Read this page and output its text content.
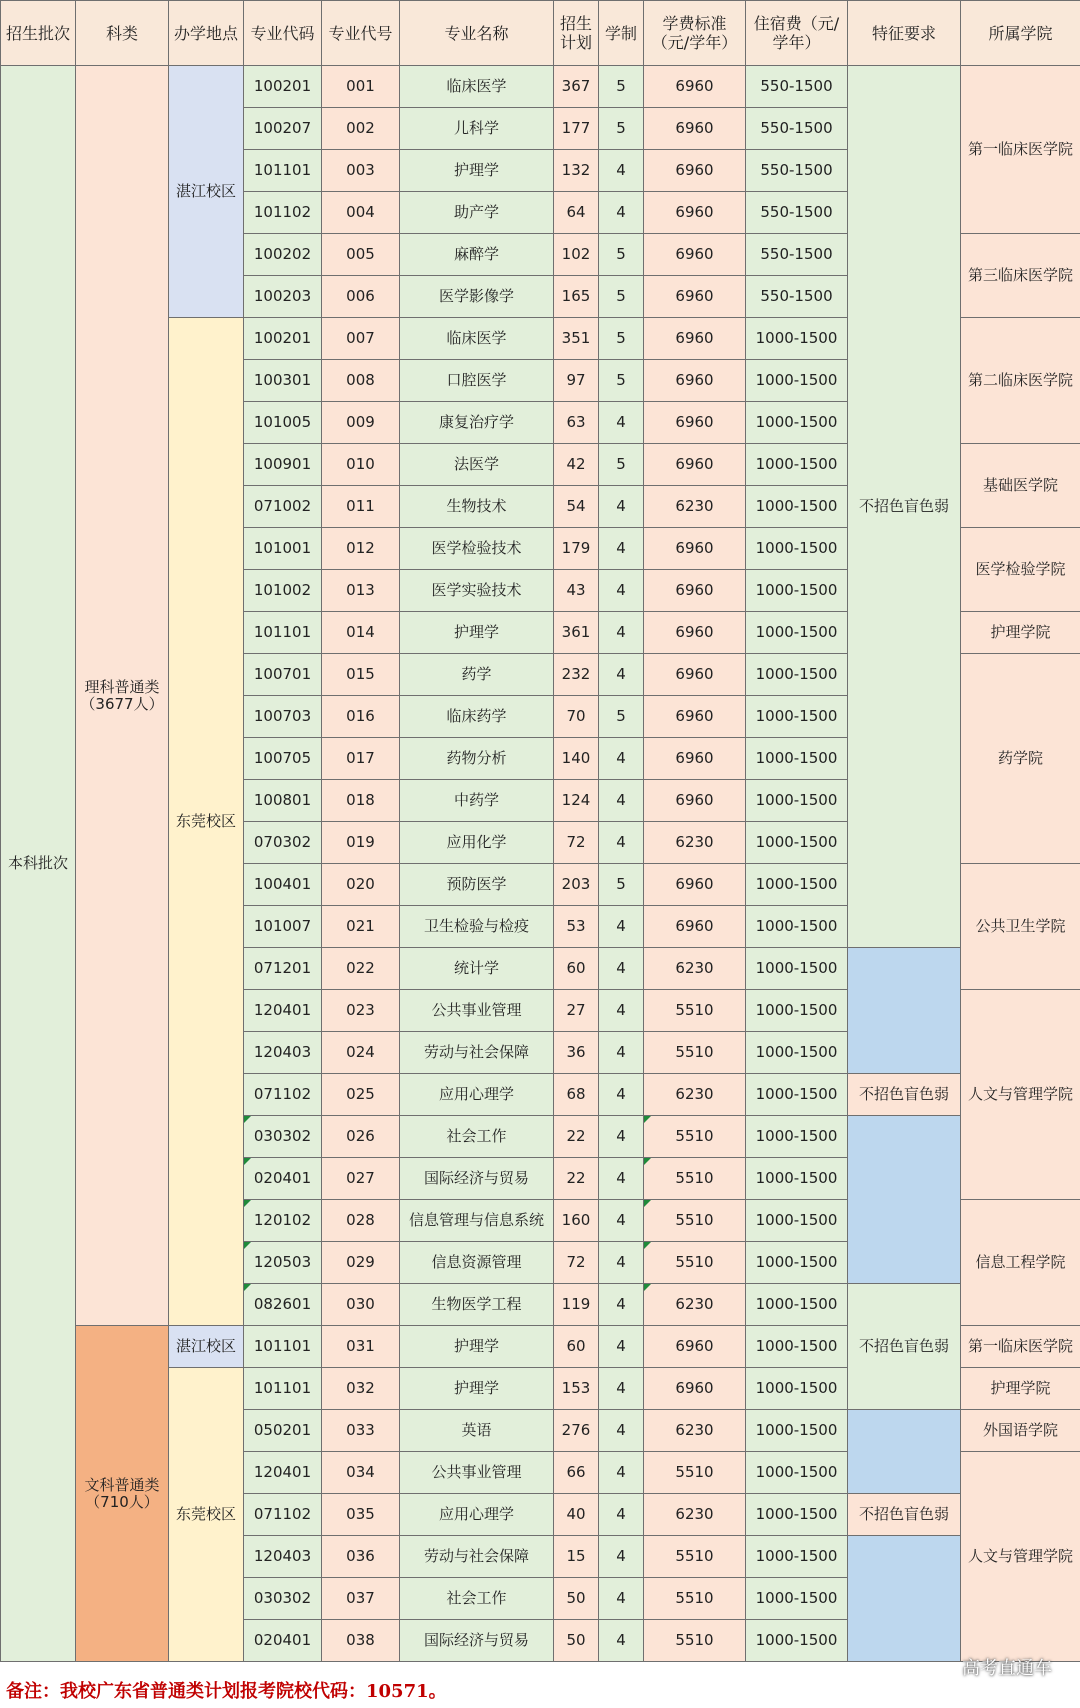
招生批次	科类	办学地点	专业代码	专业代号	专业名称	招生计划	学制	学费标准（元/学年）	住宿费（元/学年）	特征要求	所属学院
本科批次	理科普通类（3677人）	湛江校区	100201	001	临床医学	367	5	6960	550-1500	不招色盲色弱	第一临床医学院
			100207	002	儿科学	177	5	6960	550-1500		
			101101	003	护理学	132	4	6960	550-1500		
			101102	004	助产学	64	4	6960	550-1500		
			100202	005	麻醉学	102	5	6960	550-1500		第三临床医学院
			100203	006	医学影像学	165	5	6960	550-1500		
		东莞校区	100201	007	临床医学	351	5	6960	1000-1500		第二临床医学院
			100301	008	口腔医学	97	5	6960	1000-1500		
			101005	009	康复治疗学	63	4	6960	1000-1500		
			100901	010	法医学	42	5	6960	1000-1500		基础医学院
			071002	011	生物技术	54	4	6230	1000-1500		
			101001	012	医学检验技术	179	4	6960	1000-1500		医学检验学院
			101002	013	医学实验技术	43	4	6960	1000-1500		
			101101	014	护理学	361	4	6960	1000-1500		护理学院
			100701	015	药学	232	4	6960	1000-1500		药学院
			100703	016	临床药学	70	5	6960	1000-1500		
			100705	017	药物分析	140	4	6960	1000-1500		
			100801	018	中药学	124	4	6960	1000-1500		
			070302	019	应用化学	72	4	6230	1000-1500		
			100401	020	预防医学	203	5	6960	1000-1500		公共卫生学院
			101007	021	卫生检验与检疫	53	4	6960	1000-1500		
			071201	022	统计学	60	4	6230	1000-1500		
			120401	023	公共事业管理	27	4	5510	1000-1500		人文与管理学院
			120403	024	劳动与社会保障	36	4	5510	1000-1500		
			071102	025	应用心理学	68	4	6230	1000-1500	不招色盲色弱	
			030302	026	社会工作	22	4	5510	1000-1500		
			020401	027	国际经济与贸易	22	4	5510	1000-1500		
			120102	028	信息管理与信息系统	160	4	5510	1000-1500		信息工程学院
			120503	029	信息资源管理	72	4	5510	1000-1500		
			082601	030	生物医学工程	119	4	6230	1000-1500	不招色盲色弱	
	文科普通类（710人）	湛江校区	101101	031	护理学	60	4	6960	1000-1500		第一临床医学院
		东莞校区	101101	032	护理学	153	4	6960	1000-1500		护理学院
			050201	033	英语	276	4	6230	1000-1500		外国语学院
			120401	034	公共事业管理	66	4	5510	1000-1500		人文与管理学院
			071102	035	应用心理学	40	4	6230	1000-1500	不招色盲色弱	
			120403	036	劳动与社会保障	15	4	5510	1000-1500		
			030302	037	社会工作	50	4	5510	1000-1500		
			020401	038	国际经济与贸易	50	4	5510	1000-1500		
备注：我校广东省普通类计划报考院校代码：10571。
高考直通车
